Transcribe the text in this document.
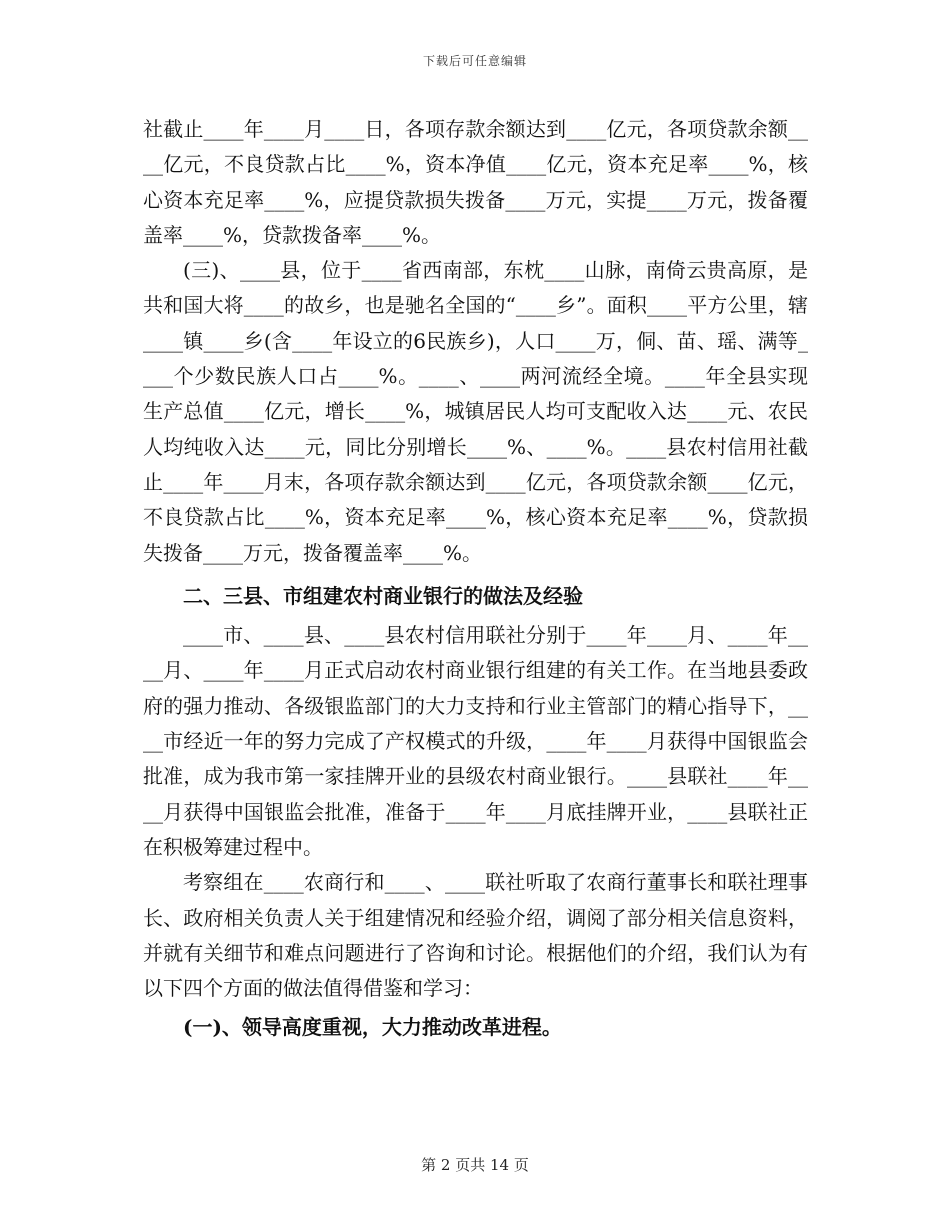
下载后可任意编辑

社截止____年____月____日，各项存款余额达到____亿元，各项贷款余额____亿元，不良贷款占比____%，资本净值____亿元，资本充足率____%，核心资本充足率____%，应提贷款损失拨备____万元，实提____万元，拨备覆盖率____%，贷款拨备率____%。

(三)、____县，位于____省西南部，东枕____山脉，南倚云贵高原，是共和国大将____的故乡，也是驰名全国的“____乡”。面积____平方公里，辖____镇____乡(含____年设立的6民族乡)，人口____万，侗、苗、瑶、满等____个少数民族人口占____%。____、____两河流经全境。____年全县实现生产总值____亿元，增长____%，城镇居民人均可支配收入达____元、农民人均纯收入达____元，同比分别增长____%、____%。____县农村信用社截止____年____月末，各项存款余额达到____亿元，各项贷款余额____亿元，不良贷款占比____%，资本充足率____%，核心资本充足率____%，贷款损失拨备____万元，拨备覆盖率____%。

二、三县、市组建农村商业银行的做法及经验

____市、____县、____县农村信用联社分别于____年____月、____年____月、____年____月正式启动农村商业银行组建的有关工作。在当地县委政府的强力推动、各级银监部门的大力支持和行业主管部门的精心指导下，____市经近一年的努力完成了产权模式的升级，____年____月获得中国银监会批准，成为我市第一家挂牌开业的县级农村商业银行。____县联社____年____月获得中国银监会批准，准备于____年____月底挂牌开业，____县联社正在积极筹建过程中。

考察组在____农商行和____、____联社听取了农商行董事长和联社理事长、政府相关负责人关于组建情况和经验介绍，调阅了部分相关信息资料，并就有关细节和难点问题进行了咨询和讨论。根据他们的介绍，我们认为有以下四个方面的做法值得借鉴和学习：

(一)、领导高度重视，大力推动改革进程。

第 2 页共 14 页
